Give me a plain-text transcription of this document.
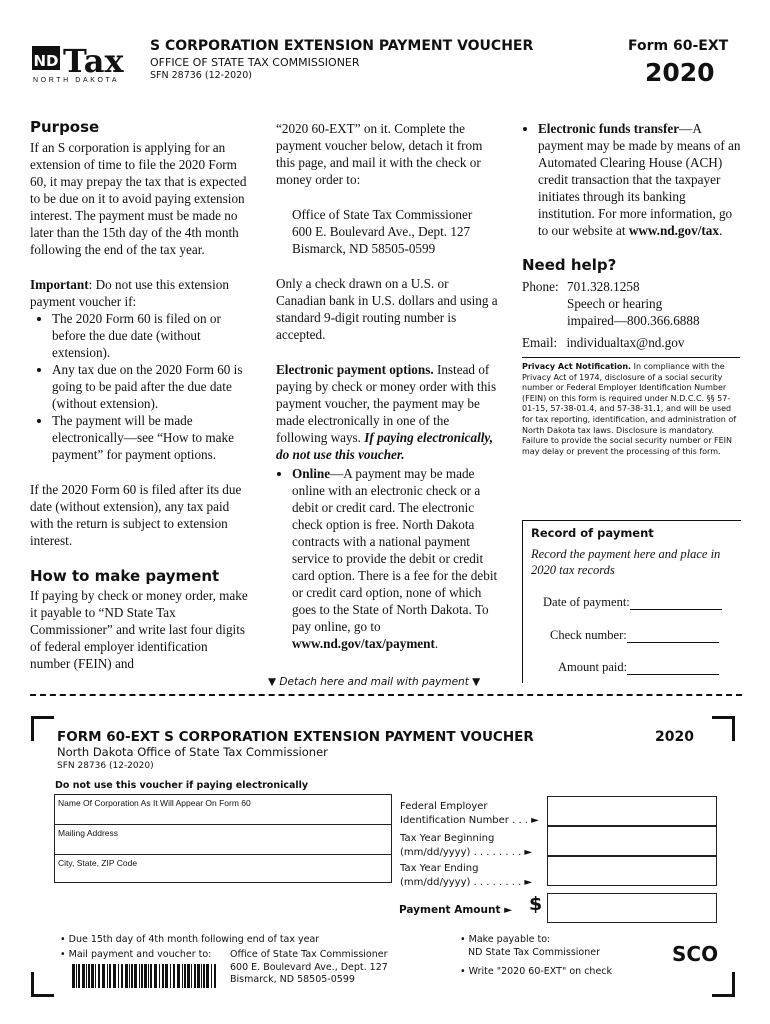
ND Tax
NORTH DAKOTA
S CORPORATION EXTENSION PAYMENT VOUCHER
OFFICE OF STATE TAX COMMISSIONER
SFN 28736 (12-2020)
Form 60-EXT
2020
Purpose
If an S corporation is applying for an extension of time to file the 2020 Form 60, it may prepay the tax that is expected to be due on it to avoid paying extension interest. The payment must be made no later than the 15th day of the 4th month following the end of the tax year.
Important: Do not use this extension payment voucher if:
• The 2020 Form 60 is filed on or before the due date (without extension).
• Any tax due on the 2020 Form 60 is going to be paid after the due date (without extension).
• The payment will be made electronically—see “How to make payment” for payment options.
If the 2020 Form 60 is filed after its due date (without extension), any tax paid with the return is subject to extension interest.
How to make payment
If paying by check or money order, make it payable to “ND State Tax Commissioner” and write last four digits of federal employer identification number (FEIN) and
“2020 60-EXT” on it. Complete the payment voucher below, detach it from this page, and mail it with the check or money order to:
Office of State Tax Commissioner
600 E. Boulevard Ave., Dept. 127
Bismarck, ND 58505-0599
Only a check drawn on a U.S. or Canadian bank in U.S. dollars and using a standard 9-digit routing number is accepted.
Electronic payment options. Instead of paying by check or money order with this payment voucher, the payment may be made electronically in one of the following ways. If paying electronically, do not use this voucher.
• Online—A payment may be made online with an electronic check or a debit or credit card. The electronic check option is free. North Dakota contracts with a national payment service to provide the debit or credit card option. There is a fee for the debit or credit card option, none of which goes to the State of North Dakota. To pay online, go to www.nd.gov/tax/payment.
• Electronic funds transfer—A payment may be made by means of an Automated Clearing House (ACH) credit transaction that the taxpayer initiates through its banking institution. For more information, go to our website at www.nd.gov/tax.
Need help?
Phone: 701.328.1258
Speech or hearing
impaired—800.366.6888
Email: individualtax@nd.gov
Privacy Act Notification. In compliance with the Privacy Act of 1974, disclosure of a social security number or Federal Employer Identification Number (FEIN) on this form is required under N.D.C.C. §§ 57-01-15, 57-38-01.4, and 57-38-31.1, and will be used for tax reporting, identification, and administration of North Dakota tax laws. Disclosure is mandatory. Failure to provide the social security number or FEIN may delay or prevent the processing of this form.
Record of payment
Record the payment here and place in 2020 tax records
Date of payment:
Check number:
Amount paid:
▼ Detach here and mail with payment ▼
FORM 60-EXT S CORPORATION EXTENSION PAYMENT VOUCHER	2020
North Dakota Office of State Tax Commissioner
SFN 28736 (12-2020)
Do not use this voucher if paying electronically
Name Of Corporation As It Will Appear On Form 60
Mailing Address
City, State, ZIP Code
Federal Employer
Identification Number . . . ►
Tax Year Beginning
(mm/dd/yyyy) . . . . . . . . ►
Tax Year Ending
(mm/dd/yyyy) . . . . . . . . ►
Payment Amount ► $
• Due 15th day of 4th month following end of tax year
• Mail payment and voucher to: Office of State Tax Commissioner
600 E. Boulevard Ave., Dept. 127
Bismarck, ND 58505-0599
• Make payable to:
ND State Tax Commissioner
• Write "2020 60-EXT" on check
SCO
